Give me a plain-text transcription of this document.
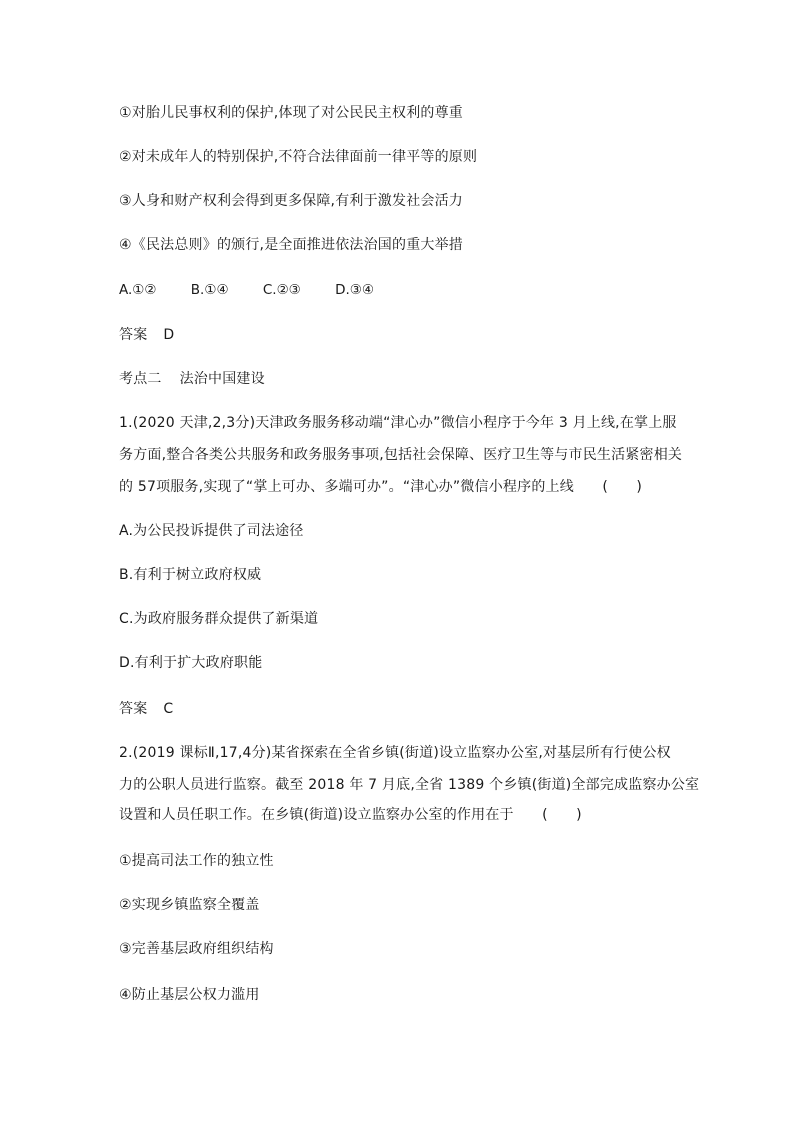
①对胎儿民事权利的保护,体现了对公民民主权利的尊重
②对未成年人的特别保护,不符合法律面前一律平等的原则
③人身和财产权利会得到更多保障,有利于激发社会活力
④《民法总则》的颁行,是全面推进依法治国的重大举措
A.①②	B.①④	C.②③	D.③④
答案 D
考点二 法治中国建设
1.(2020 天津,2,3分)天津政务服务移动端“津心办”微信小程序于今年 3 月上线,在掌上服
务方面,整合各类公共服务和政务服务事项,包括社会保障、医疗卫生等与市民生活紧密相关
的 57项服务,实现了“掌上可办、多端可办”。“津心办”微信小程序的上线　　(　　)
A.为公民投诉提供了司法途径
B.有利于树立政府权威
C.为政府服务群众提供了新渠道
D.有利于扩大政府职能
答案 C
2.(2019 课标Ⅱ,17,4分)某省探索在全省乡镇(街道)设立监察办公室,对基层所有行使公权
力的公职人员进行监察。截至 2018 年 7 月底,全省 1389 个乡镇(街道)全部完成监察办公室
设置和人员任职工作。在乡镇(街道)设立监察办公室的作用在于　　(　　)
①提高司法工作的独立性
②实现乡镇监察全覆盖
③完善基层政府组织结构
④防止基层公权力滥用
